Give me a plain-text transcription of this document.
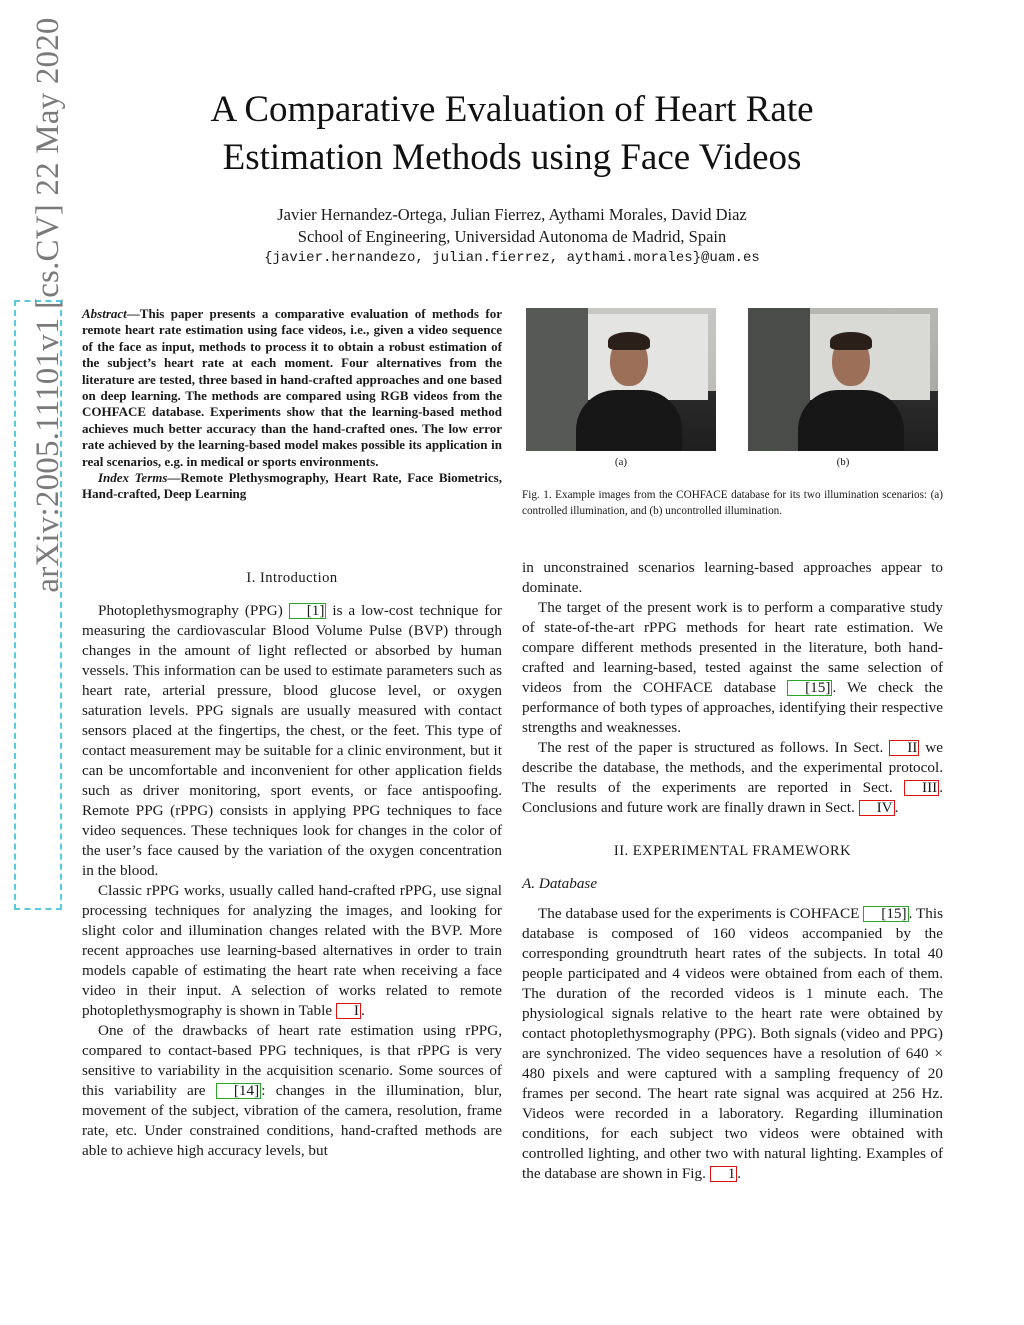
arXiv:2005.11101v1 [cs.CV] 22 May 2020	A Comparative Evaluation of Heart Rate
Estimation Methods using Face Videos
Javier Hernandez-Ortega, Julian Fierrez, Aythami Morales, David Diaz
School of Engineering, Universidad Autonoma de Madrid, Spain
{javier.hernandezo, julian.fierrez, aythami.morales}@uam.es

Abstract—This paper presents a comparative evaluation of methods for remote heart rate estimation using face videos, i.e., given a video sequence of the face as input, methods to process it to obtain a robust estimation of the subject’s heart rate at each moment. Four alternatives from the literature are tested, three based in hand-crafted approaches and one based on deep learning. The methods are compared using RGB videos from the COHFACE database. Experiments show that the learning-based method achieves much better accuracy than the hand-crafted ones. The low error rate achieved by the learning-based model makes possible its application in real scenarios, e.g. in medical or sports environments.

Index Terms—Remote Plethysmography, Heart Rate, Face Biometrics, Hand-crafted, Deep Learning

I. Introduction

Photoplethysmography (PPG) [1] is a low-cost technique for measuring the cardiovascular Blood Volume Pulse (BVP) through changes in the amount of light reflected or absorbed by human vessels. This information can be used to estimate parameters such as heart rate, arterial pressure, blood glucose level, or oxygen saturation levels. PPG signals are usually measured with contact sensors placed at the fingertips, the chest, or the feet. This type of contact measurement may be suitable for a clinic environment, but it can be uncomfortable and inconvenient for other application fields such as driver monitoring, sport events, or face antispoofing. Remote PPG (rPPG) consists in applying PPG techniques to face video sequences. These techniques look for changes in the color of the user’s face caused by the variation of the oxygen concentration in the blood.

Classic rPPG works, usually called hand-crafted rPPG, use signal processing techniques for analyzing the images, and looking for slight color and illumination changes related with the BVP. More recent approaches use learning-based alternatives in order to train models capable of estimating the heart rate when receiving a face video in their input. A selection of works related to remote photoplethysmography is shown in Table I .

One of the drawbacks of heart rate estimation using rPPG, compared to contact-based PPG techniques, is that rPPG is very sensitive to variability in the acquisition scenario. Some sources of this variability are [14] : changes in the illumination, blur, movement of the subject, vibration of the camera, resolution, frame rate, etc. Under constrained conditions, hand-crafted methods are able to achieve high accuracy levels, but

(a)	(b)
Fig. 1. Example images from the COHFACE database for its two illumination scenarios: (a) controlled illumination, and (b) uncontrolled illumination.

in unconstrained scenarios learning-based approaches appear to dominate.

The target of the present work is to perform a comparative study of state-of-the-art rPPG methods for heart rate estimation. We compare different methods presented in the literature, both hand-crafted and learning-based, tested against the same selection of videos from the COHFACE database [15] . We check the performance of both types of approaches, identifying their respective strengths and weaknesses.

The rest of the paper is structured as follows. In Sect. II we describe the database, the methods, and the experimental protocol. The results of the experiments are reported in Sect. III . Conclusions and future work are finally drawn in Sect. IV .

II. EXPERIMENTAL FRAMEWORK
A. Database

The database used for the experiments is COHFACE [15] . This database is composed of 160 videos accompanied by the corresponding groundtruth heart rates of the subjects. In total 40 people participated and 4 videos were obtained from each of them. The duration of the recorded videos is 1 minute each. The physiological signals relative to the heart rate were obtained by contact photoplethysmography (PPG). Both signals (video and PPG) are synchronized. The video sequences have a resolution of 640 × 480 pixels and were captured with a sampling frequency of 20 frames per second. The heart rate signal was acquired at 256 Hz. Videos were recorded in a laboratory. Regarding illumination conditions, for each subject two videos were obtained with controlled lighting, and other two with natural lighting. Examples of the database are shown in Fig. 1 .
